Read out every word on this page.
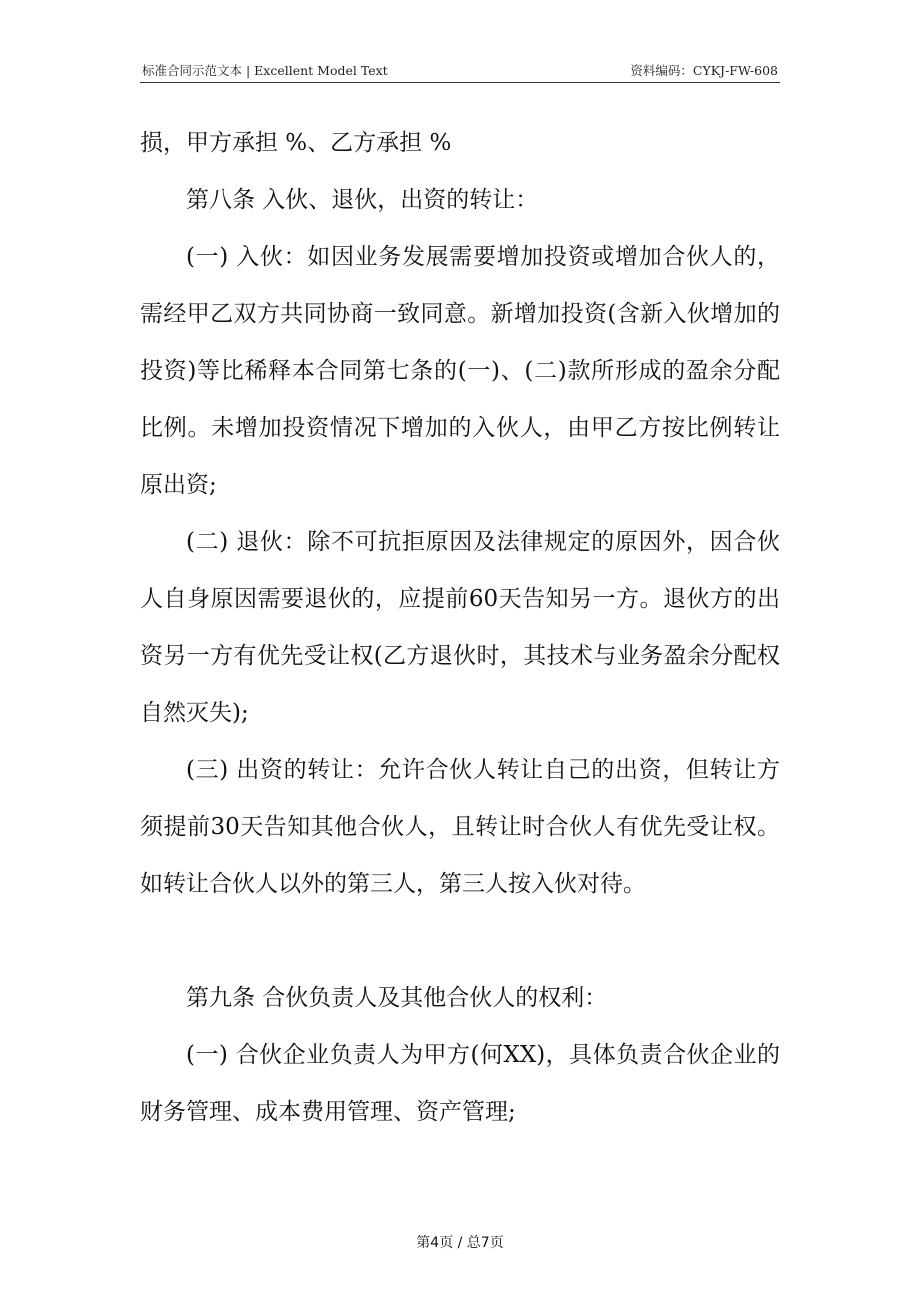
标准合同示范文本 | Excellent Model Text	资料编码：CYKJ-FW-608

损，甲方承担 %、乙方承担 %

第八条 入伙、退伙，出资的转让：

(一) 入伙：如因业务发展需要增加投资或增加合伙人的，需经甲乙双方共同协商一致同意。新增加投资(含新入伙增加的投资)等比稀释本合同第七条的(一)、(二)款所形成的盈余分配比例。未增加投资情况下增加的入伙人，由甲乙方按比例转让原出资;

(二) 退伙：除不可抗拒原因及法律规定的原因外，因合伙人自身原因需要退伙的，应提前60天告知另一方。退伙方的出资另一方有优先受让权(乙方退伙时，其技术与业务盈余分配权自然灭失);

(三) 出资的转让：允许合伙人转让自己的出资，但转让方须提前30天告知其他合伙人，且转让时合伙人有优先受让权。如转让合伙人以外的第三人，第三人按入伙对待。

第九条 合伙负责人及其他合伙人的权利：

(一) 合伙企业负责人为甲方(何XX)，具体负责合伙企业的财务管理、成本费用管理、资产管理;

第4页 / 总7页
